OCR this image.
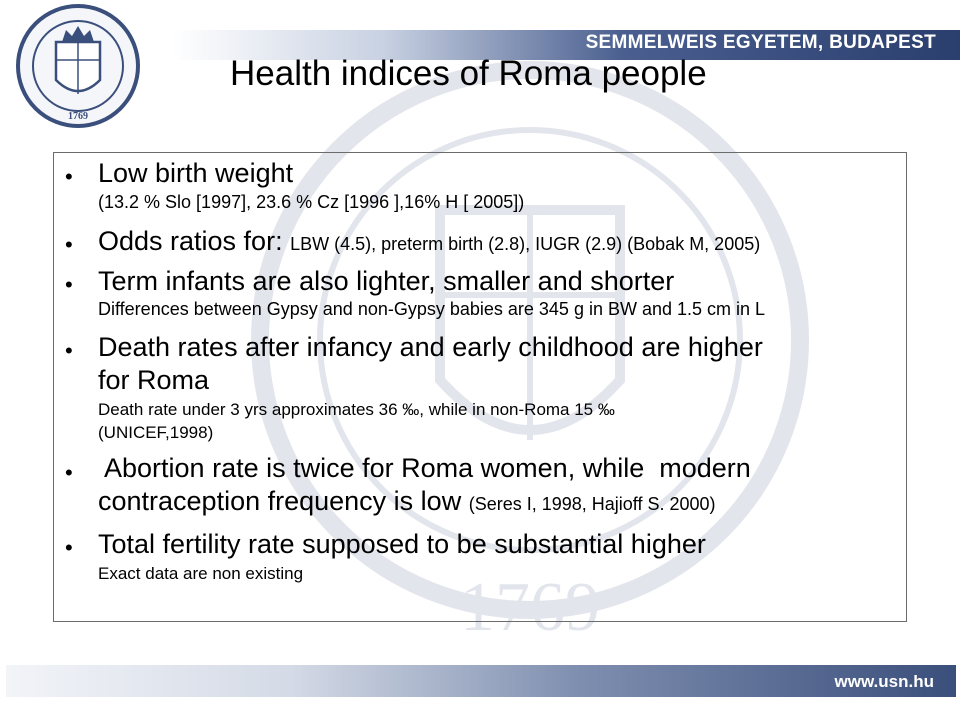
SEMMELWEIS EGYETEM, BUDAPEST
1769
1769
Health indices of Roma people
• Low birth weight
(13.2 % Slo [1997], 23.6 % Cz [1996 ],16% H [ 2005])
• Odds ratios for: LBW (4.5), preterm birth (2.8), IUGR (2.9) (Bobak M, 2005)
• Term infants are also lighter, smaller and shorter
Differences between Gypsy and non-Gypsy babies are 345 g in BW and 1.5 cm in L
• Death rates after infancy and early childhood are higher
for Roma
Death rate under 3 yrs approximates 36 ‰, while in non-Roma 15 ‰
(UNICEF,1998)
• Abortion rate is twice for Roma women, while  modern
contraception frequency is low (Seres I, 1998, Hajioff S. 2000)
• Total fertility rate supposed to be substantial higher
Exact data are non existing
www.usn.hu
